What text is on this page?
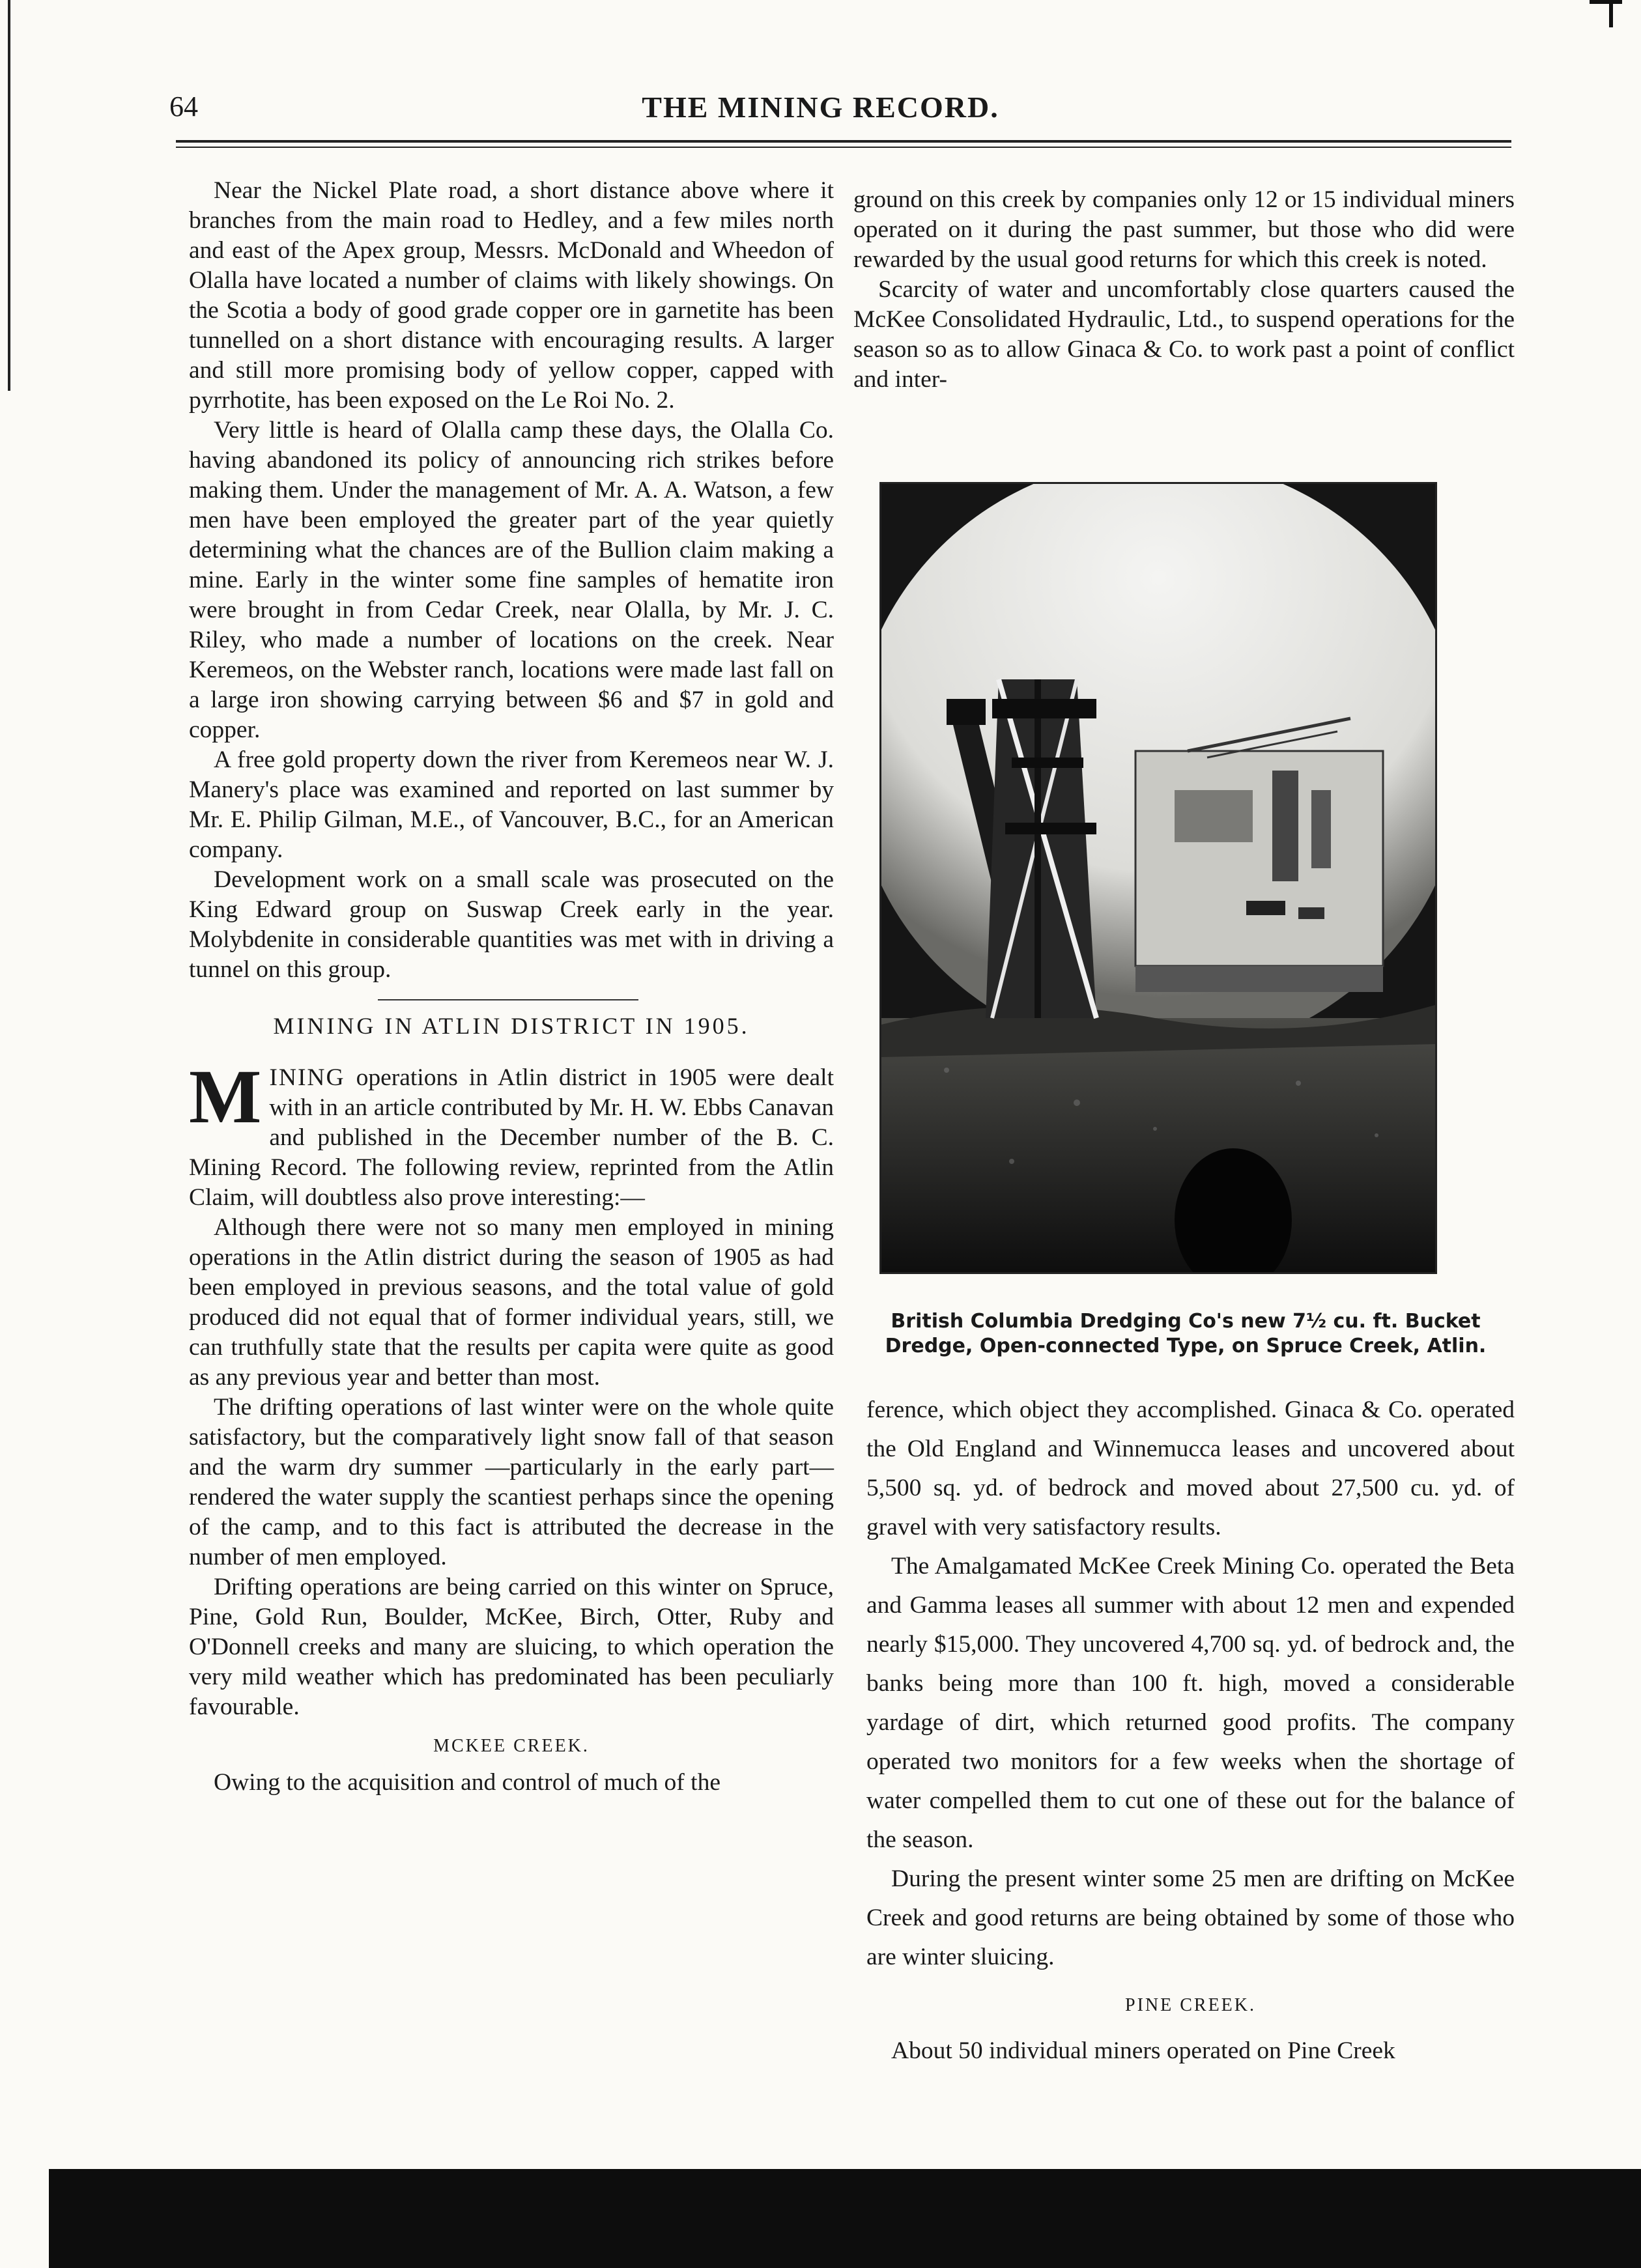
64	THE MINING RECORD.

Near the Nickel Plate road, a short distance above where it branches from the main road to Hedley, and a few miles north and east of the Apex group, Messrs. McDonald and Wheedon of Olalla have located a number of claims with likely showings. On the Scotia a body of good grade copper ore in garnetite has been tunnelled on a short distance with encouraging results. A larger and still more promising body of yellow copper, capped with pyrrhotite, has been exposed on the Le Roi No. 2.

Very little is heard of Olalla camp these days, the Olalla Co. having abandoned its policy of announcing rich strikes before making them. Under the management of Mr. A. A. Watson, a few men have been employed the greater part of the year quietly determining what the chances are of the Bullion claim making a mine. Early in the winter some fine samples of hematite iron were brought in from Cedar Creek, near Olalla, by Mr. J. C. Riley, who made a number of locations on the creek. Near Keremeos, on the Webster ranch, locations were made last fall on a large iron showing carrying between $6 and $7 in gold and copper.

A free gold property down the river from Keremeos near W. J. Manery's place was examined and reported on last summer by Mr. E. Philip Gilman, M.E., of Vancouver, B.C., for an American company.

Development work on a small scale was prosecuted on the King Edward group on Suswap Creek early in the year. Molybdenite in considerable quantities was met with in driving a tunnel on this group.

MINING IN ATLIN DISTRICT IN 1905.

MINING operations in Atlin district in 1905 were dealt with in an article contributed by Mr. H. W. Ebbs Canavan and published in the December number of the B. C. Mining Record. The following review, reprinted from the Atlin Claim, will doubtless also prove interesting:—

Although there were not so many men employed in mining operations in the Atlin district during the season of 1905 as had been employed in previous seasons, and the total value of gold produced did not equal that of former individual years, still, we can truthfully state that the results per capita were quite as good as any previous year and better than most.

The drifting operations of last winter were on the whole quite satisfactory, but the comparatively light snow fall of that season and the warm dry summer —particularly in the early part—rendered the water supply the scantiest perhaps since the opening of the camp, and to this fact is attributed the decrease in the number of men employed.

Drifting operations are being carried on this winter on Spruce, Pine, Gold Run, Boulder, McKee, Birch, Otter, Ruby and O'Donnell creeks and many are sluicing, to which operation the very mild weather which has predominated has been peculiarly favourable.

MCKEE CREEK.

Owing to the acquisition and control of much of the

ground on this creek by companies only 12 or 15 individual miners operated on it during the past summer, but those who did were rewarded by the usual good returns for which this creek is noted.

Scarcity of water and uncomfortably close quarters caused the McKee Consolidated Hydraulic, Ltd., to suspend operations for the season so as to allow Ginaca & Co. to work past a point of conflict and inter-

British Columbia Dredging Co's new 7½ cu. ft. Bucket Dredge, Open-connected Type, on Spruce Creek, Atlin.

ference, which object they accomplished. Ginaca & Co. operated the Old England and Winnemucca leases and uncovered about 5,500 sq. yd. of bedrock and moved about 27,500 cu. yd. of gravel with very satisfactory results.

The Amalgamated McKee Creek Mining Co. operated the Beta and Gamma leases all summer with about 12 men and expended nearly $15,000. They uncovered 4,700 sq. yd. of bedrock and, the banks being more than 100 ft. high, moved a considerable yardage of dirt, which returned good profits. The company operated two monitors for a few weeks when the shortage of water compelled them to cut one of these out for the balance of the season.

During the present winter some 25 men are drifting on McKee Creek and good returns are being obtained by some of those who are winter sluicing.

PINE CREEK.

About 50 individual miners operated on Pine Creek
